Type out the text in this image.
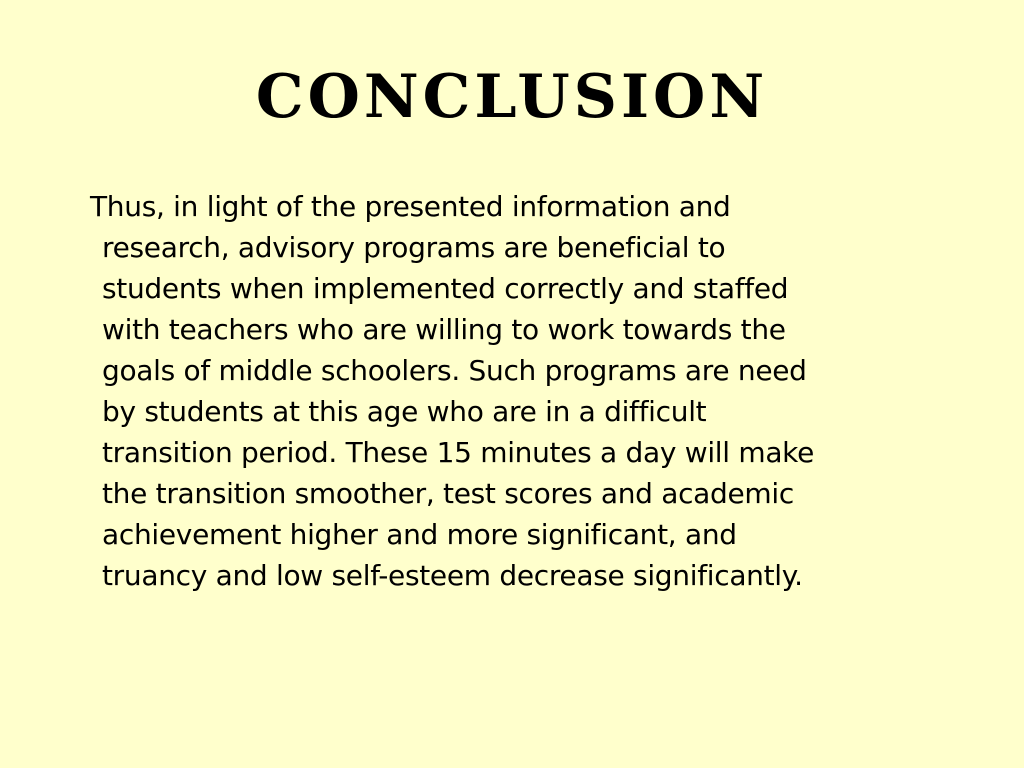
CONCLUSION

Thus, in light of the presented information and
research, advisory programs are beneficial to
students when implemented correctly and staffed
with teachers who are willing to work towards the
goals of middle schoolers. Such programs are need
by students at this age who are in a difficult
transition period. These 15 minutes a day will make
the transition smoother, test scores and academic
achievement higher and more significant, and
truancy and low self-esteem decrease significantly.
